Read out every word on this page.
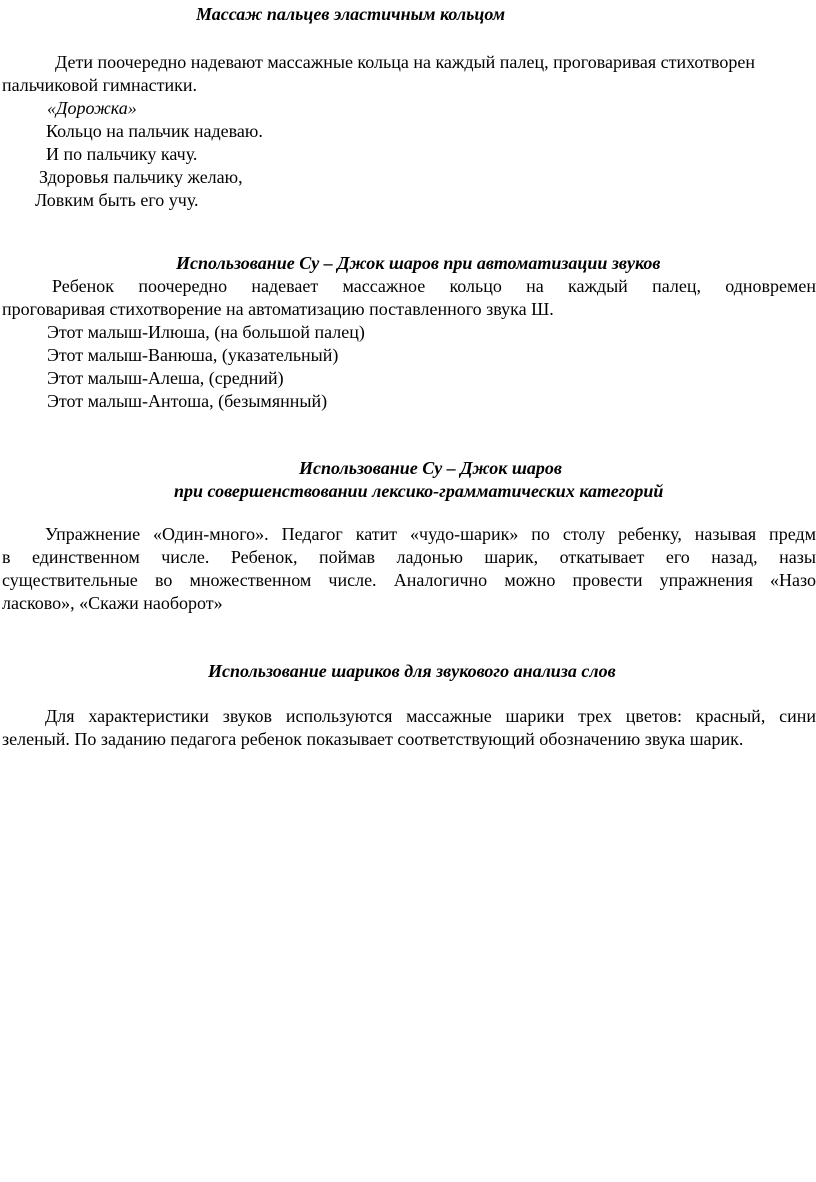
Массаж пальцев эластичным кольцом
Дети поочередно надевают массажные кольца на каждый палец, проговаривая стихотворен
пальчиковой гимнастики.
«Дорожка»
Кольцо на пальчик надеваю.
И по пальчику качу.
Здоровья пальчику желаю,
Ловким быть его учу.
Использование Су – Джок шаров при автоматизации звуков
Ребенок поочередно надевает массажное кольцо на каждый палец, одновремен
проговаривая стихотворение на автоматизацию поставленного звука Ш.
Этот малыш-Илюша, (на большой палец)
Этот малыш-Ванюша, (указательный)
Этот малыш-Алеша, (средний)
Этот малыш-Антоша, (безымянный)
Использование Су – Джок шаров
при совершенствовании лексико-грамматических категорий
Упражнение «Один-много». Педагог катит «чудо-шарик» по столу ребенку, называя предм
в единственном числе. Ребенок, поймав ладонью шарик, откатывает его назад, назы
существительные во множественном числе. Аналогично можно провести упражнения «Назо
ласково», «Скажи наоборот»
Использование шариков для звукового анализа слов
Для характеристики звуков используются массажные шарики трех цветов: красный, сини
зеленый. По заданию педагога ребенок показывает соответствующий обозначению звука шарик.
